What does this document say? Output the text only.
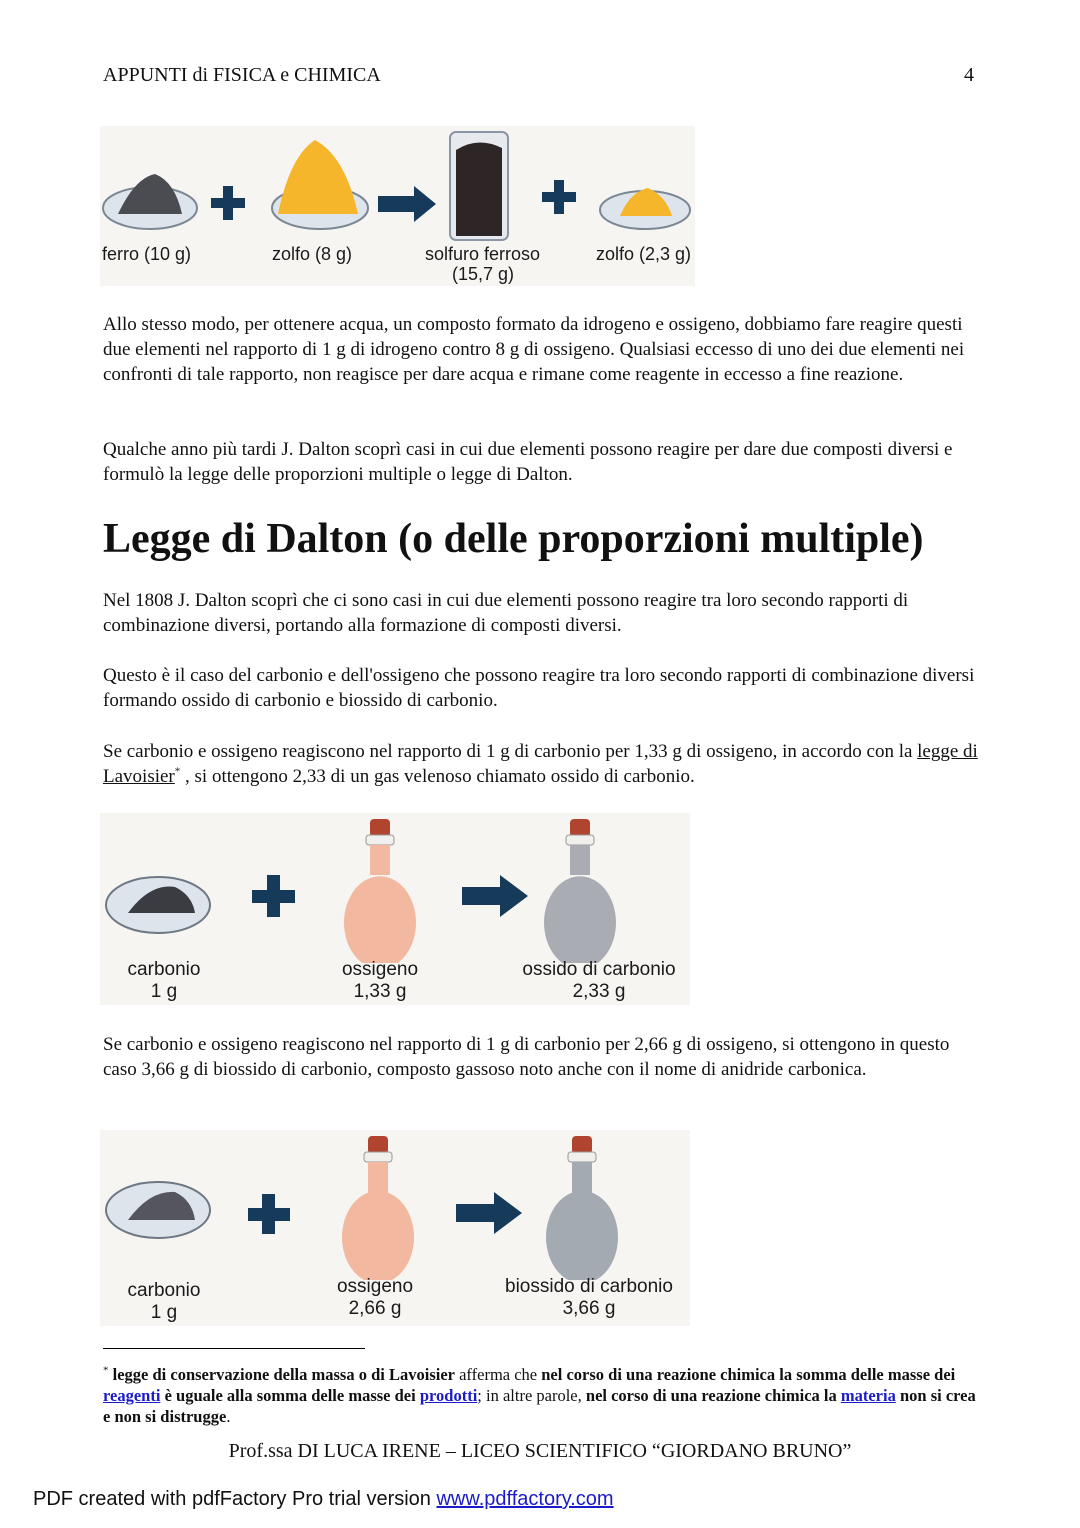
APPUNTI di FISICA e CHIMICA	4
ferro (10 g)	zolfo (8 g)	solfuro ferroso
(15,7 g)
zolfo (2,3 g)
Allo stesso modo, per ottenere acqua, un composto formato da idrogeno e ossigeno, dobbiamo fare reagire questi due elementi nel rapporto di 1 g di idrogeno contro 8 g di ossigeno. Qualsiasi eccesso di uno dei due elementi nei confronti di tale rapporto, non reagisce per dare acqua e rimane come reagente in eccesso a fine reazione.
Qualche anno più tardi J. Dalton scoprì casi in cui due elementi possono reagire per dare due composti diversi e formulò la legge delle proporzioni multiple o legge di Dalton.
Legge di Dalton (o delle proporzioni multiple)
Nel 1808 J. Dalton scoprì che ci sono casi in cui due elementi possono reagire tra loro secondo rapporti di combinazione diversi, portando alla formazione di composti diversi.
Questo è il caso del carbonio e dell'ossigeno che possono reagire tra loro secondo rapporti di combinazione diversi formando ossido di carbonio e biossido di carbonio.
Se carbonio e ossigeno reagiscono nel rapporto di 1 g di carbonio per 1,33 g di ossigeno, in accordo con la legge di Lavoisier* , si ottengono 2,33 di un gas velenoso chiamato ossido di carbonio.
carbonio
1 g
ossigeno
1,33 g
ossido di carbonio
2,33 g
Se carbonio e ossigeno reagiscono nel rapporto di 1 g di carbonio per 2,66 g di ossigeno, si ottengono in questo caso 3,66 g di biossido di carbonio, composto gassoso noto anche con il nome di anidride carbonica.
carbonio
1 g
ossigeno
2,66 g
biossido di carbonio
3,66 g
* legge di conservazione della massa o di Lavoisier afferma che nel corso di una reazione chimica la somma delle masse dei reagenti è uguale alla somma delle masse dei prodotti; in altre parole, nel corso di una reazione chimica la materia non si crea e non si distrugge.
Prof.ssa DI LUCA IRENE – LICEO SCIENTIFICO “GIORDANO BRUNO”
PDF created with pdfFactory Pro trial version www.pdffactory.com
